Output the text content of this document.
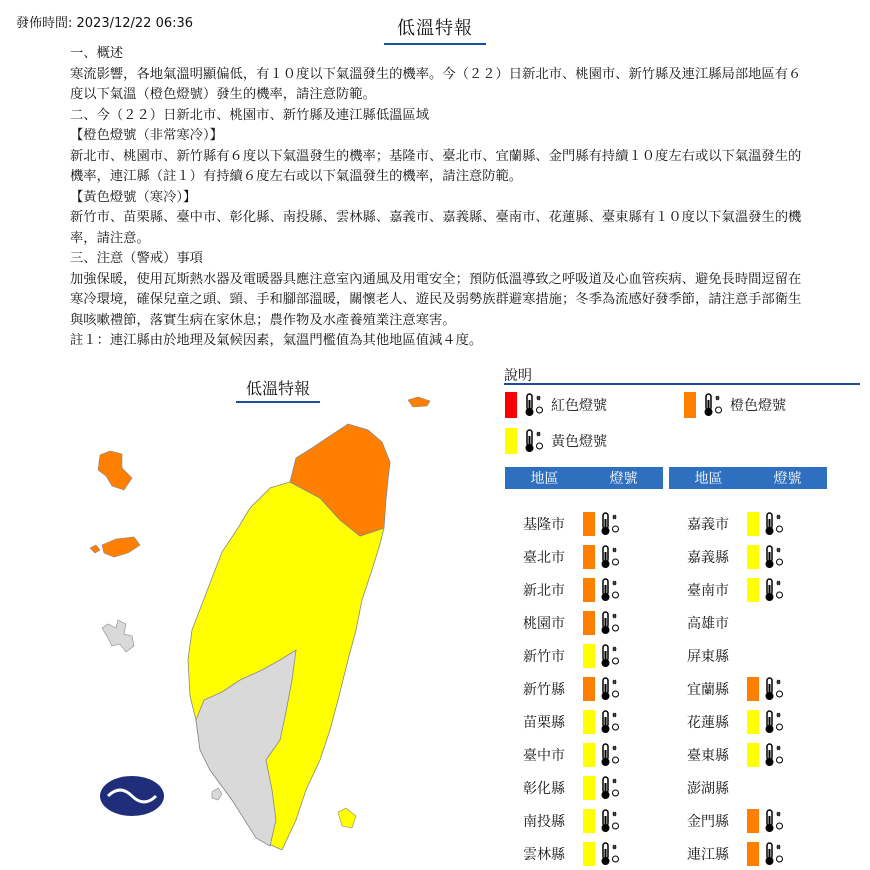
發佈時間: 2023/12/22 06:36	低溫特報

一、概述

寒流影響，各地氣溫明顯偏低，有１０度以下氣溫發生的機率。今（２２）日新北市、桃園市、新竹縣及連江縣局部地區有６度以下氣溫（橙色燈號）發生的機率，請注意防範。

二、今（２２）日新北市、桃園市、新竹縣及連江縣低溫區域

【橙色燈號（非常寒冷）】

新北市、桃園市、新竹縣有６度以下氣溫發生的機率；基隆市、臺北市、宜蘭縣、金門縣有持續１０度左右或以下氣溫發生的機率，連江縣（註１）有持續６度左右或以下氣溫發生的機率，請注意防範。

【黃色燈號（寒冷）】

新竹市、苗栗縣、臺中市、彰化縣、南投縣、雲林縣、嘉義市、嘉義縣、臺南市、花蓮縣、臺東縣有１０度以下氣溫發生的機率，請注意。

三、注意（警戒）事項

加強保暖，使用瓦斯熱水器及電暖器具應注意室內通風及用電安全；預防低溫導致之呼吸道及心血管疾病、避免長時間逗留在寒冷環境，確保兒童之頭、頸、手和腳部溫暖，關懷老人、遊民及弱勢族群避寒措施；冬季為流感好發季節，請注意手部衛生與咳嗽禮節，落實生病在家休息；農作物及水產養殖業注意寒害。

註１：連江縣由於地理及氣候因素，氣溫門檻值為其他地區值減４度。

低溫特報
說明
紅色燈號	橙色燈號
黃色燈號
地區	燈號
基隆市
臺北市
新北市
桃園市
新竹市
新竹縣
苗栗縣
臺中市
彰化縣
南投縣
雲林縣
地區	燈號
嘉義市
嘉義縣
臺南市
高雄市
屏東縣
宜蘭縣
花蓮縣
臺東縣
澎湖縣
金門縣
連江縣
